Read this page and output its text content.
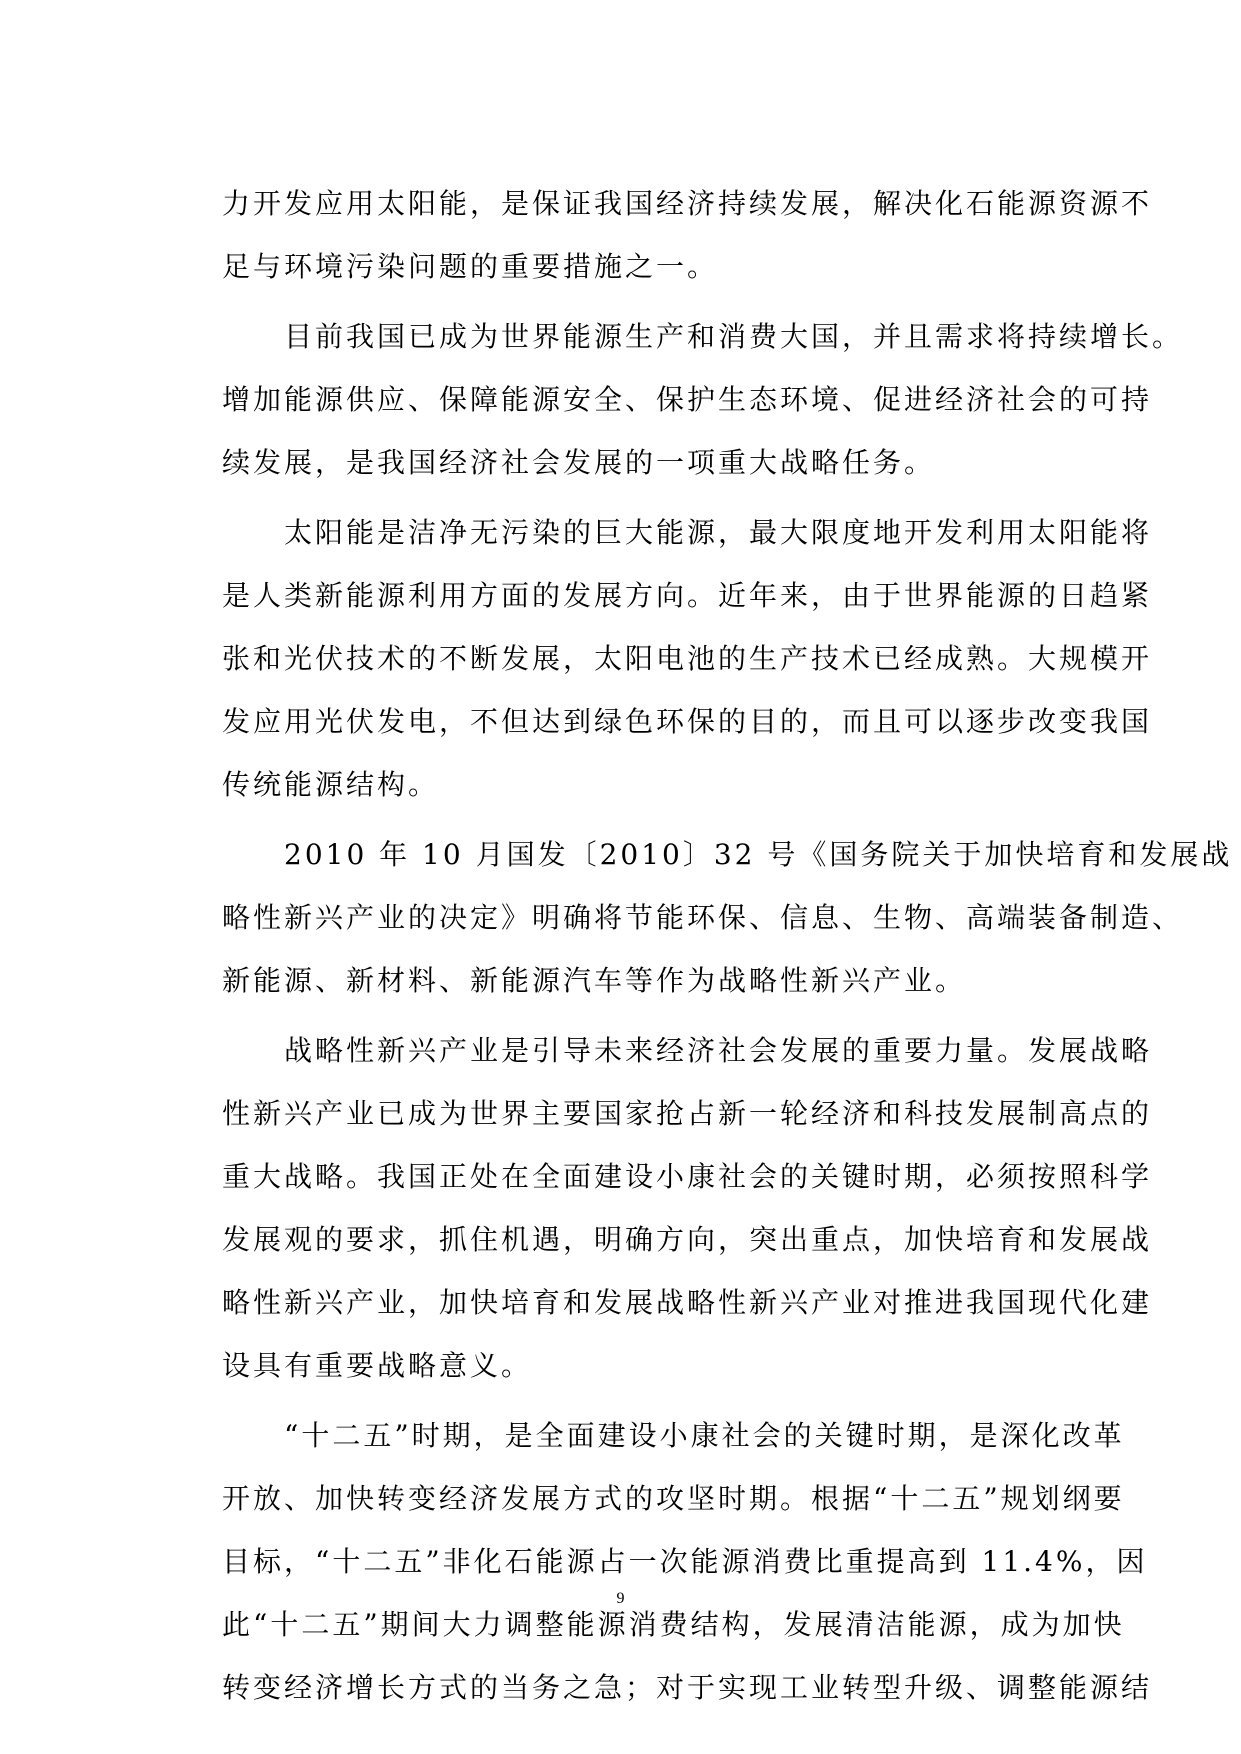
力开发应用太阳能，是保证我国经济持续发展，解决化石能源资源不
足与环境污染问题的重要措施之一。
目前我国已成为世界能源生产和消费大国，并且需求将持续增长。
增加能源供应、保障能源安全、保护生态环境、促进经济社会的可持
续发展，是我国经济社会发展的一项重大战略任务。
太阳能是洁净无污染的巨大能源，最大限度地开发利用太阳能将
是人类新能源利用方面的发展方向。近年来，由于世界能源的日趋紧
张和光伏技术的不断发展，太阳电池的生产技术已经成熟。大规模开
发应用光伏发电，不但达到绿色环保的目的，而且可以逐步改变我国
传统能源结构。
2010 年 10 月国发〔2010〕32 号《国务院关于加快培育和发展战
略性新兴产业的决定》明确将节能环保、信息、生物、高端装备制造、
新能源、新材料、新能源汽车等作为战略性新兴产业。
战略性新兴产业是引导未来经济社会发展的重要力量。发展战略
性新兴产业已成为世界主要国家抢占新一轮经济和科技发展制高点的
重大战略。我国正处在全面建设小康社会的关键时期，必须按照科学
发展观的要求，抓住机遇，明确方向，突出重点，加快培育和发展战
略性新兴产业，加快培育和发展战略性新兴产业对推进我国现代化建
设具有重要战略意义。
“十二五”时期，是全面建设小康社会的关键时期，是深化改革
开放、加快转变经济发展方式的攻坚时期。根据“十二五”规划纲要
目标，“十二五”非化石能源占一次能源消费比重提高到 11.4%，因
此“十二五”期间大力调整能源消费结构，发展清洁能源，成为加快
转变经济增长方式的当务之急；对于实现工业转型升级、调整能源结
9
